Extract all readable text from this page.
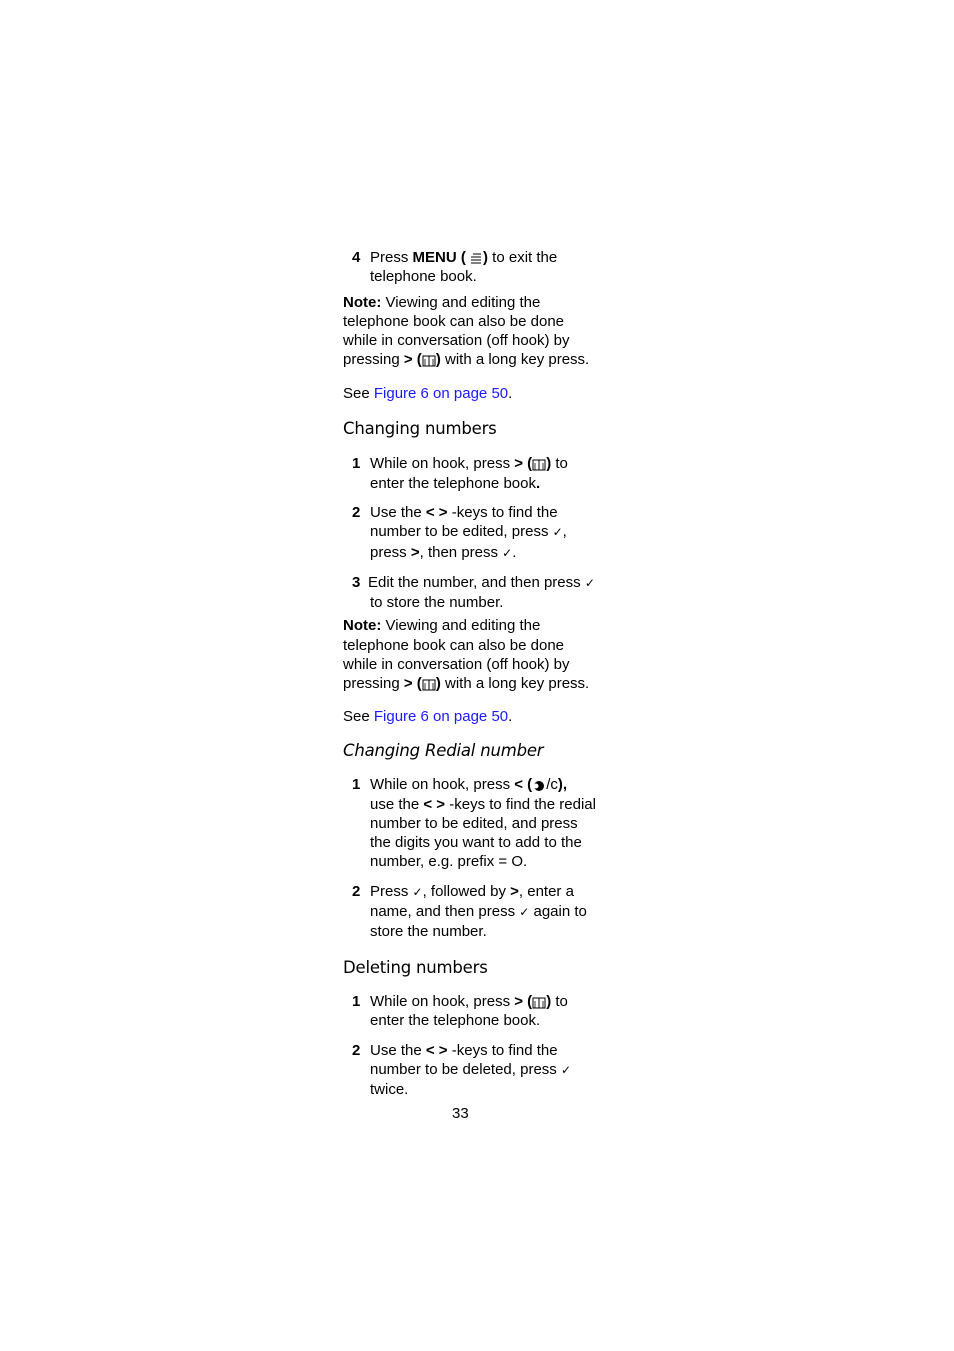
4 Press MENU ( ) to exit the
telephone book.

Note: Viewing and editing the
telephone book can also be done
while in conversation (off hook) by
pressing > ( ) with a long key press.

See Figure 6 on page 50.

Changing numbers

1 While on hook, press > ( ) to
enter the telephone book.

2 Use the < > -keys to find the
number to be edited, press ✓,
press >, then press ✓.

3 Edit the number, and then press ✓
to store the number.

Note: Viewing and editing the
telephone book can also be done
while in conversation (off hook) by
pressing > ( ) with a long key press.

See Figure 6 on page 50.

Changing Redial number

1 While on hook, press < ( /c),
use the < > -keys to find the redial
number to be edited, and press
the digits you want to add to the
number, e.g. prefix = O.

2 Press ✓, followed by >, enter a
name, and then press ✓ again to
store the number.

Deleting numbers

1 While on hook, press > ( ) to
enter the telephone book.

2 Use the < > -keys to find the
number to be deleted, press ✓
twice.

33
